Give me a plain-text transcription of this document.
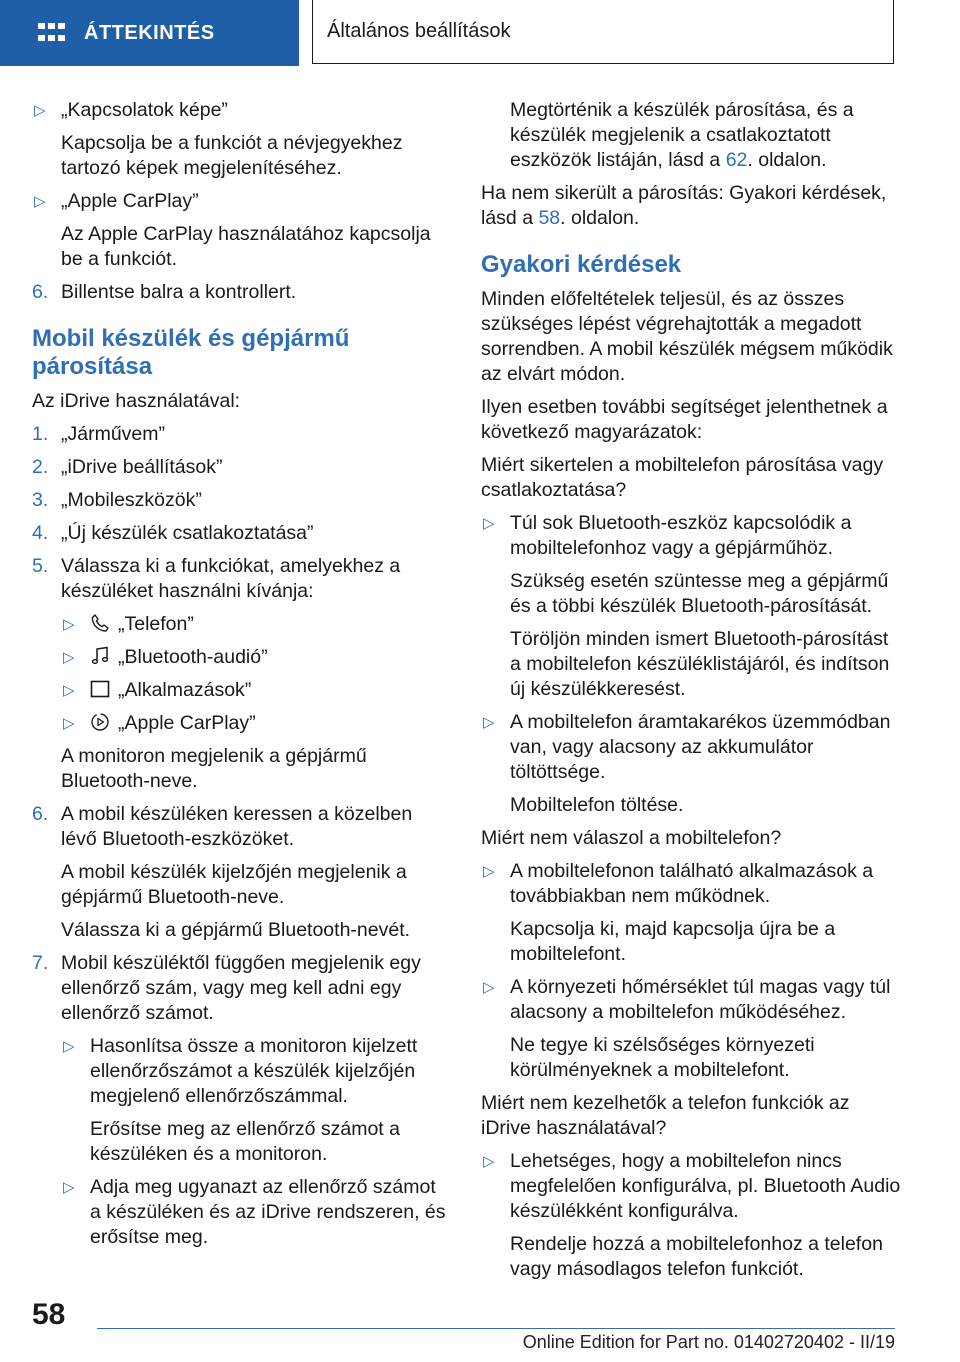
ÁTTEKINTÉS	Általános beállítások
▷ „Kapcsolatok képe”

Kapcsolja be a funkciót a névjegyekhez tartozó képek megjelenítéséhez.

▷ „Apple CarPlay”

Az Apple CarPlay használatához kapcsolja be a funkciót.

6. Billentse balra a kontrollert.
Mobil készülék és gépjármű párosítása

Az iDrive használatával:

1. „Járművem”
2. „iDrive beállítások”
3. „Mobileszközök”
4. „Új készülék csatlakoztatása”
5. Válassza ki a funkciókat, amelyekhez a készüléket használni kívánja:
▷	„Telefon”
▷	„Bluetooth-audió”
▷	„Alkalmazások”
▷	„Apple CarPlay”

A monitoron megjelenik a gépjármű Bluetooth-neve.

6. A mobil készüléken keressen a közelben lévő Bluetooth-eszközöket.

A mobil készülék kijelzőjén megjelenik a gépjármű Bluetooth-neve.

Válassza ki a gépjármű Bluetooth-nevét.

7. Mobil készüléktől függően megjelenik egy ellenőrző szám, vagy meg kell adni egy ellenőrző számot.
▷ Hasonlítsa össze a monitoron kijelzett ellenőrzőszámot a készülék kijelzőjén megjelenő ellenőrzőszámmal.

Erősítse meg az ellenőrző számot a készüléken és a monitoron.

▷ Adja meg ugyanazt az ellenőrző számot a készüléken és az iDrive rendszeren, és erősítse meg.

Megtörténik a készülék párosítása, és a készülék megjelenik a csatlakoztatott eszközök listáján, lásd a 62. oldalon.

Ha nem sikerült a párosítás: Gyakori kérdések, lásd a 58. oldalon.

Gyakori kérdések

Minden előfeltételek teljesül, és az összes szükséges lépést végrehajtották a megadott sorrendben. A mobil készülék mégsem működik az elvárt módon.

Ilyen esetben további segítséget jelenthetnek a következő magyarázatok:

Miért sikertelen a mobiltelefon párosítása vagy csatlakoztatása?

▷ Túl sok Bluetooth-eszköz kapcsolódik a mobiltelefonhoz vagy a gépjárműhöz.

Szükség esetén szüntesse meg a gépjármű és a többi készülék Bluetooth-párosítását.

Töröljön minden ismert Bluetooth-párosítást a mobiltelefon készüléklistájáról, és indítson új készülékkeresést.

▷ A mobiltelefon áramtakarékos üzemmódban van, vagy alacsony az akkumulátor töltöttsége.

Mobiltelefon töltése.

Miért nem válaszol a mobiltelefon?

▷ A mobiltelefonon található alkalmazások a továbbiakban nem működnek.

Kapcsolja ki, majd kapcsolja újra be a mobiltelefont.

▷ A környezeti hőmérséklet túl magas vagy túl alacsony a mobiltelefon működéséhez.

Ne tegye ki szélsőséges környezeti körülményeknek a mobiltelefont.

Miért nem kezelhetők a telefon funkciók az iDrive használatával?

▷ Lehetséges, hogy a mobiltelefon nincs megfelelően konfigurálva, pl. Bluetooth Audio készülékként konfigurálva.

Rendelje hozzá a mobiltelefonhoz a telefon vagy másodlagos telefon funkciót.

58
Online Edition for Part no. 01402720402 - II/19
